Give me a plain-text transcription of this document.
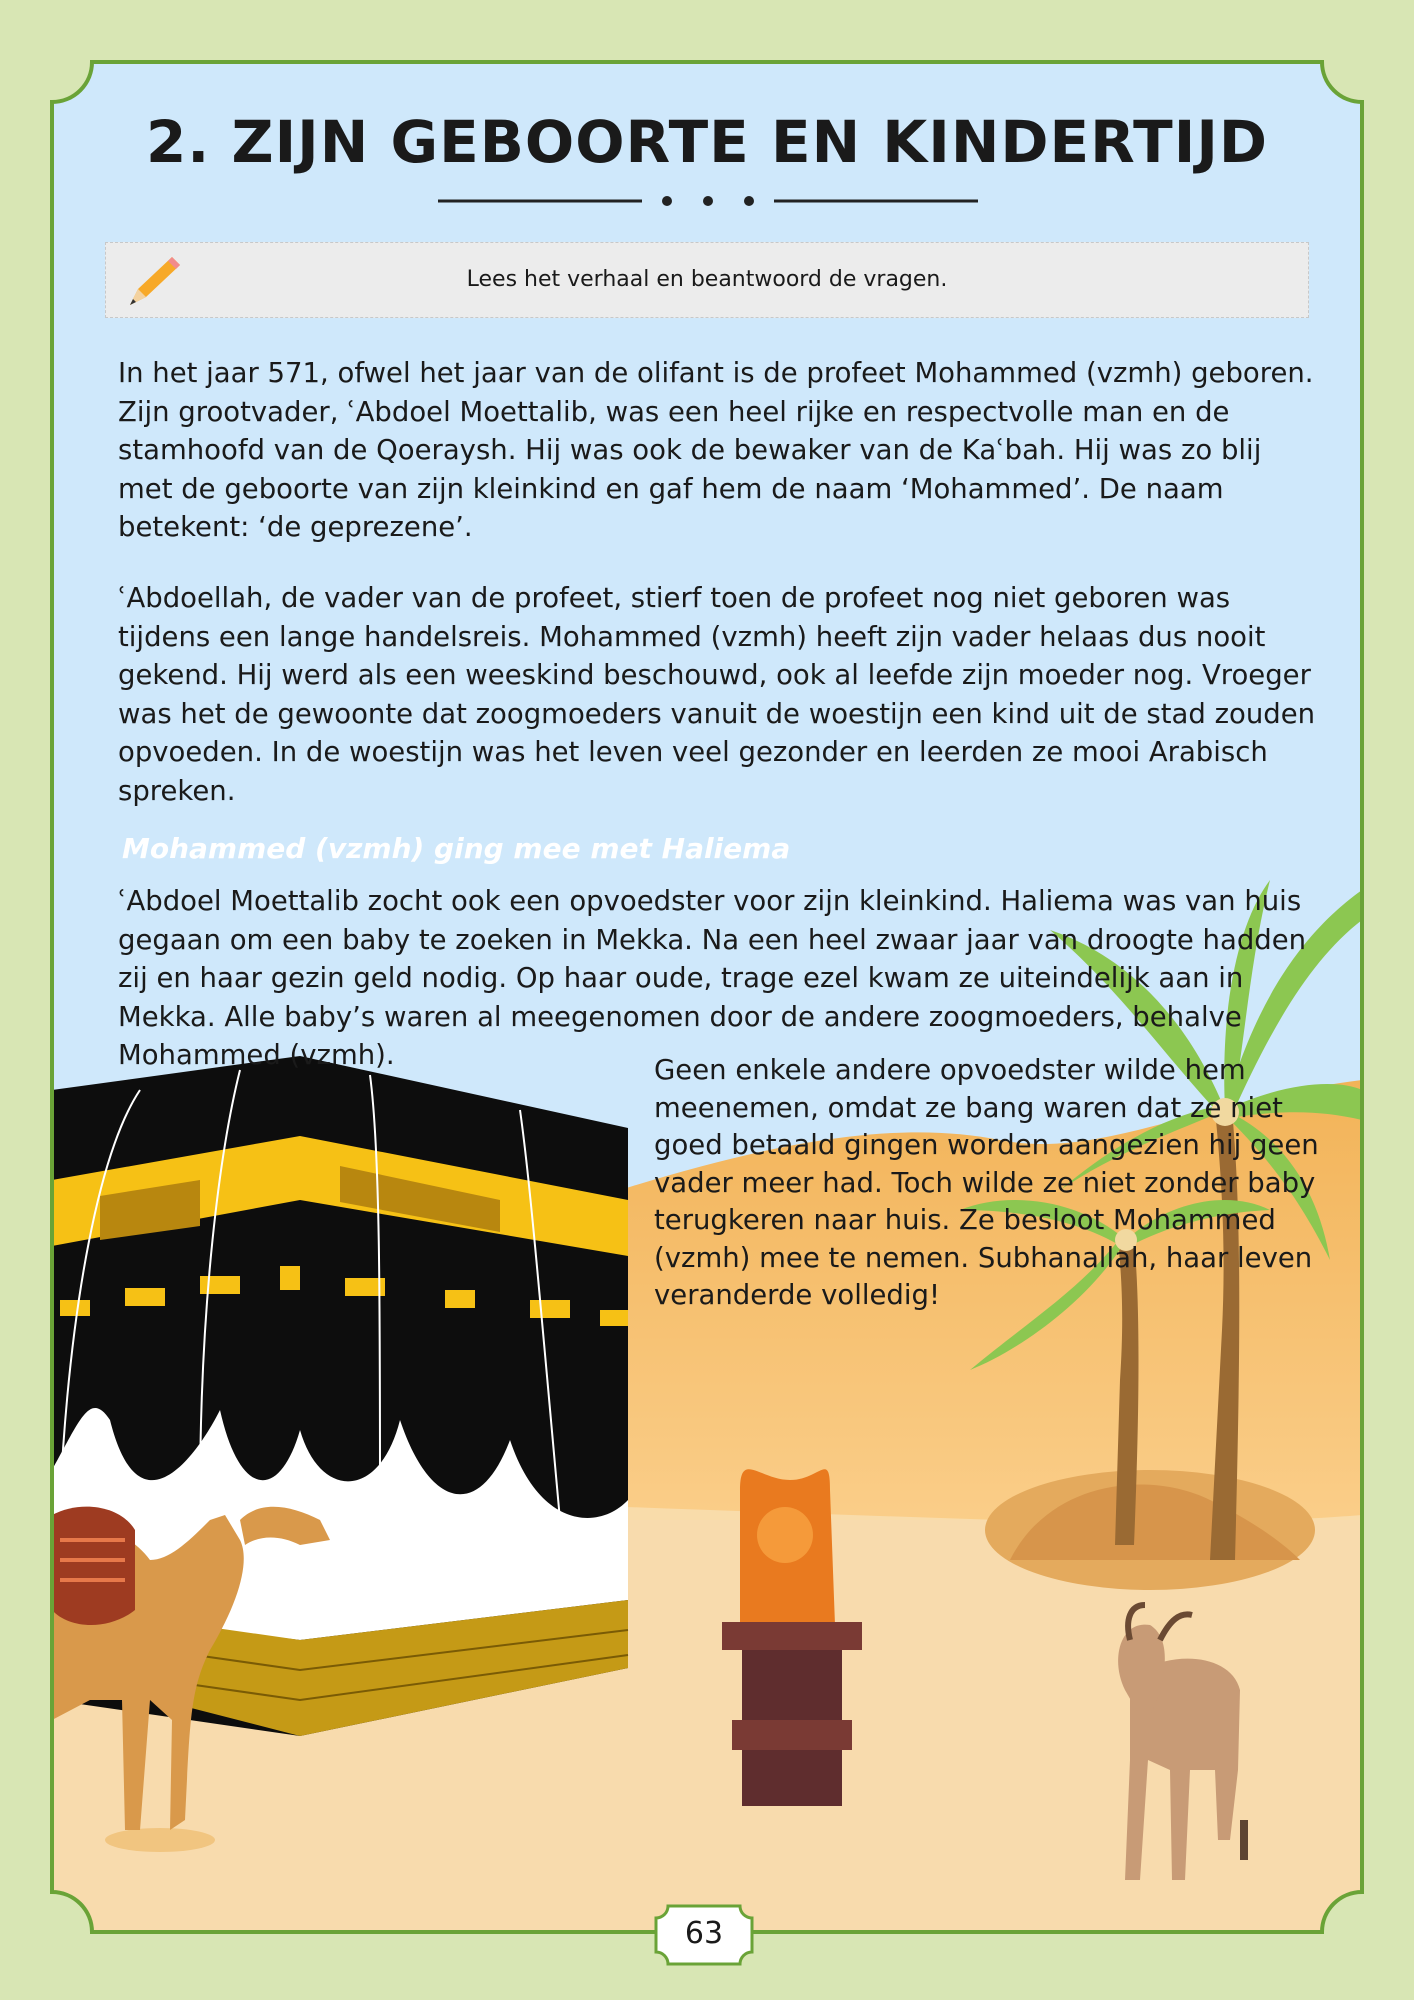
2. ZIJN GEBOORTE EN KINDERTIJD
Lees het verhaal en beantwoord de vragen.

In het jaar 571, ofwel het jaar van de olifant is de profeet Mohammed (vzmh) geboren. Zijn grootvader, ʿAbdoel Moettalib, was een heel rijke en respectvolle man en de stamhoofd van de Qoeraysh. Hij was ook de bewaker van de Kaʿbah. Hij was zo blij met de geboorte van zijn kleinkind en gaf hem de naam ‘Mohammed’. De naam betekent: ‘de geprezene’.

ʿAbdoellah, de vader van de profeet, stierf toen de profeet nog niet geboren was tijdens een lange handelsreis. Mohammed (vzmh) heeft zijn vader helaas dus nooit gekend. Hij werd als een weeskind beschouwd, ook al leefde zijn moeder nog. Vroeger was het de gewoonte dat zoogmoeders vanuit de woestijn een kind uit de stad zouden opvoeden. In de woestijn was het leven veel gezonder en leerden ze mooi Arabisch spreken.

Mohammed (vzmh) ging mee met Haliema

ʿAbdoel Moettalib zocht ook een opvoedster voor zijn kleinkind. Haliema was van huis gegaan om een baby te zoeken in Mekka. Na een heel zwaar jaar van droogte hadden zij en haar gezin geld nodig. Op haar oude, trage ezel kwam ze uiteindelijk aan in Mekka. Alle baby’s waren al meegenomen door de andere zoogmoeders, behalve Mohammed (vzmh).	Geen enkele andere opvoedster wilde hem meenemen, omdat ze bang waren dat ze niet goed betaald gingen worden aangezien hij geen vader meer had. Toch wilde ze niet zonder baby terugkeren naar huis. Ze besloot Mohammed (vzmh) mee te nemen. Subhanallah, haar leven veranderde volledig!

63
